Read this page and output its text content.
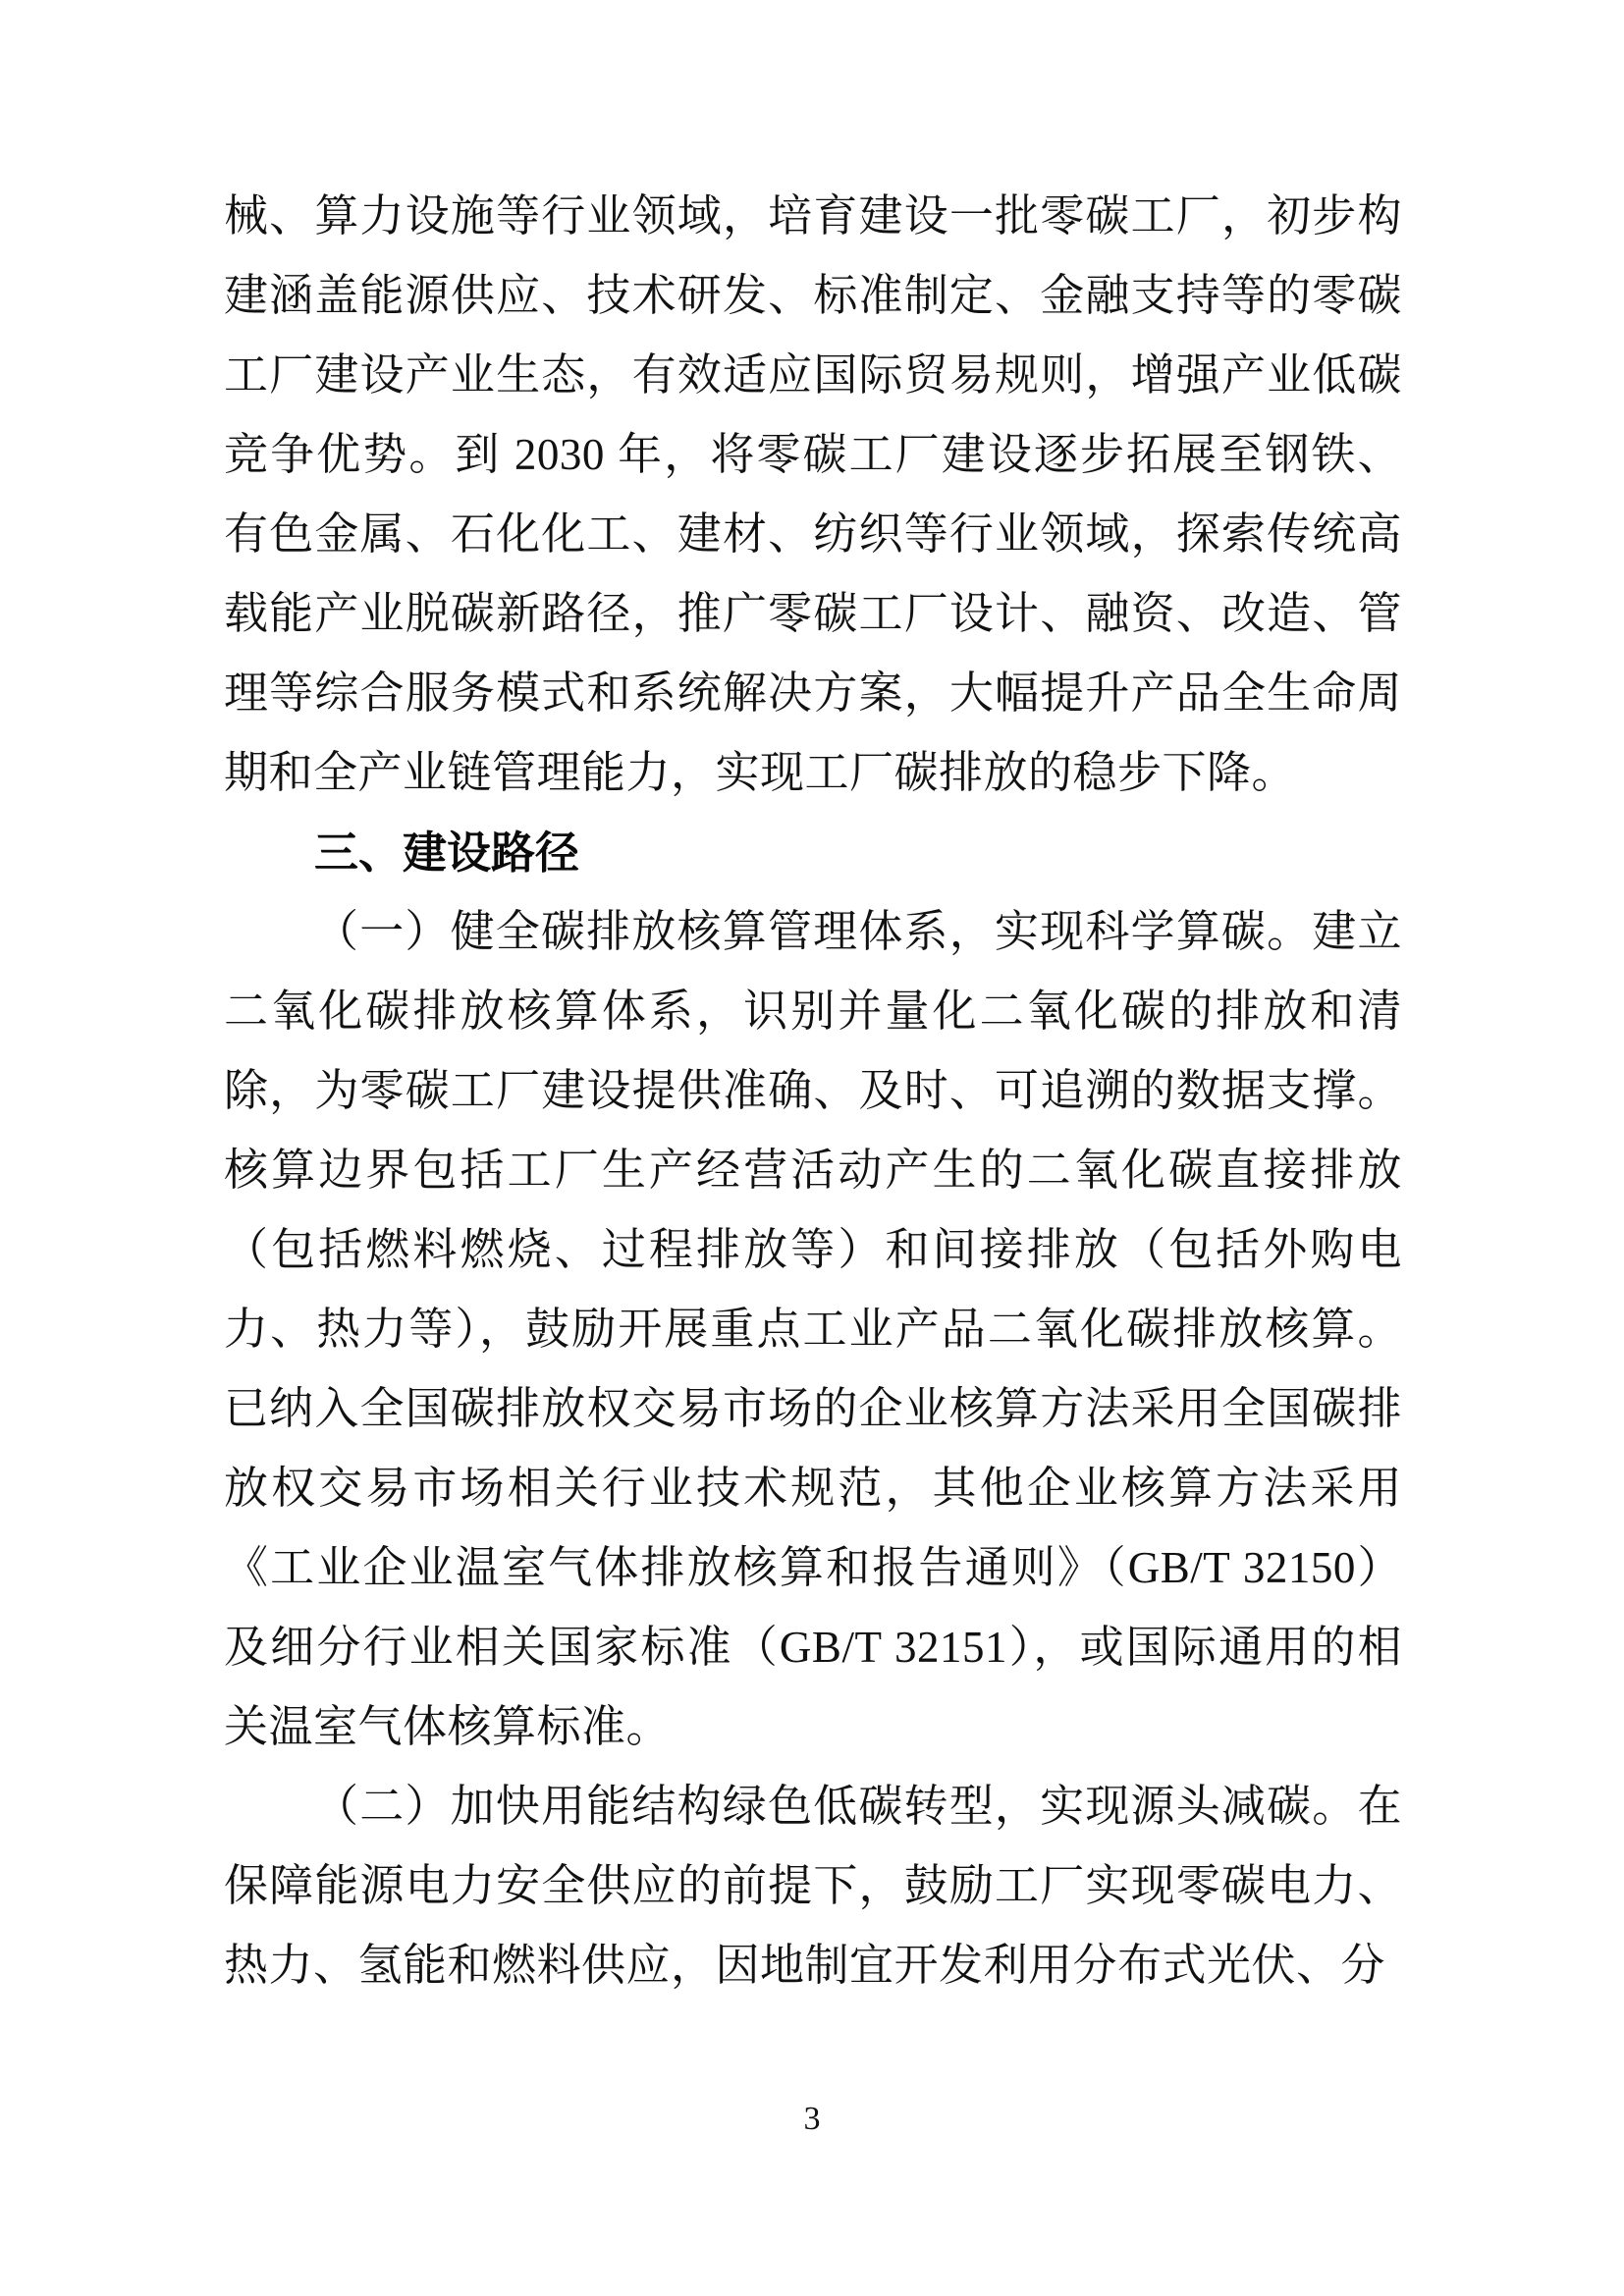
械、算力设施等行业领域，培育建设一批零碳工厂，初步构建涵盖能源供应、技术研发、标准制定、金融支持等的零碳工厂建设产业生态，有效适应国际贸易规则，增强产业低碳竞争优势。到 2030 年，将零碳工厂建设逐步拓展至钢铁、有色金属、石化化工、建材、纺织等行业领域，探索传统高载能产业脱碳新路径，推广零碳工厂设计、融资、改造、管理等综合服务模式和系统解决方案，大幅提升产品全生命周期和全产业链管理能力，实现工厂碳排放的稳步下降。

三、建设路径

（一）健全碳排放核算管理体系，实现科学算碳。建立二氧化碳排放核算体系，识别并量化二氧化碳的排放和清除，为零碳工厂建设提供准确、及时、可追溯的数据支撑。核算边界包括工厂生产经营活动产生的二氧化碳直接排放（包括燃料燃烧、过程排放等）和间接排放（包括外购电力、热力等），鼓励开展重点工业产品二氧化碳排放核算。已纳入全国碳排放权交易市场的企业核算方法采用全国碳排放权交易市场相关行业技术规范，其他企业核算方法采用《工业企业温室气体排放核算和报告通则》（GB/T 32150）及细分行业相关国家标准（GB/T 32151），或国际通用的相关温室气体核算标准。

（二）加快用能结构绿色低碳转型，实现源头减碳。在保障能源电力安全供应的前提下，鼓励工厂实现零碳电力、热力、氢能和燃料供应，因地制宜开发利用分布式光伏、分

3
